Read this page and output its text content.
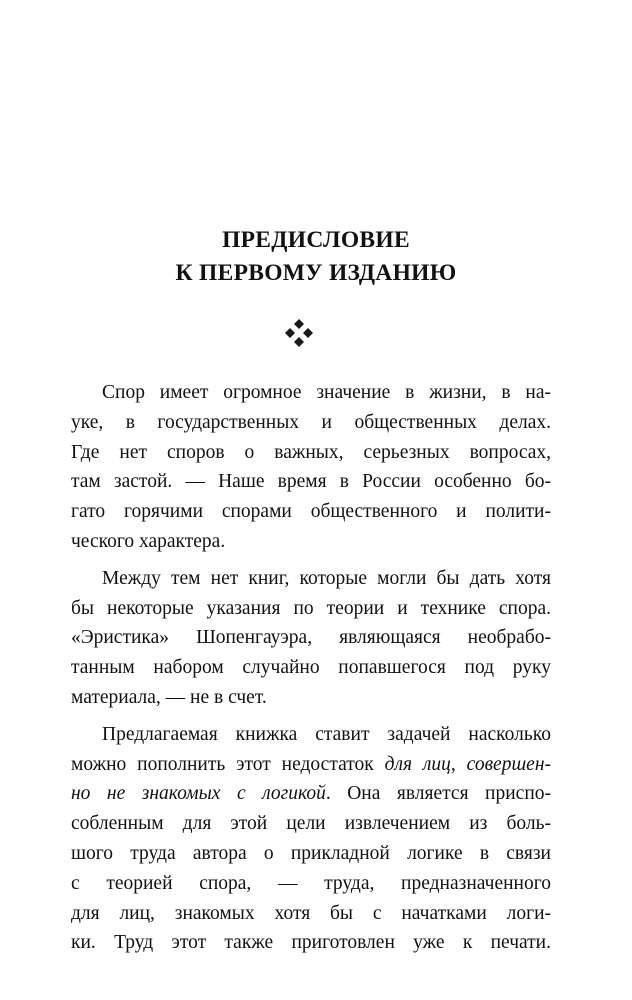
ПРЕДИСЛОВИЕ
К ПЕРВОМУ ИЗДАНИЮ

Спор имеет огромное значение в жизни, в на-
уке, в государственных и общественных делах.
Где нет споров о важных, серьезных вопросах,
там застой. — Наше время в России особенно бо-
гато горячими спорами общественного и полити-
ческого характера.

Между тем нет книг, которые могли бы дать хотя
бы некоторые указания по теории и технике спора.
«Эристика» Шопенгауэра, являющаяся необрабо-
танным набором случайно попавшегося под руку
материала, — не в счет.

Предлагаемая книжка ставит задачей насколько
можно пополнить этот недостаток для лиц, совершен-
но не знакомых с логикой. Она является приспо-
собленным для этой цели извлечением из боль-
шого труда автора о прикладной логике в связи
с теорией спора, — труда, предназначенного
для лиц, знакомых хотя бы с начатками логи-
ки. Труд этот также приготовлен уже к печати.
